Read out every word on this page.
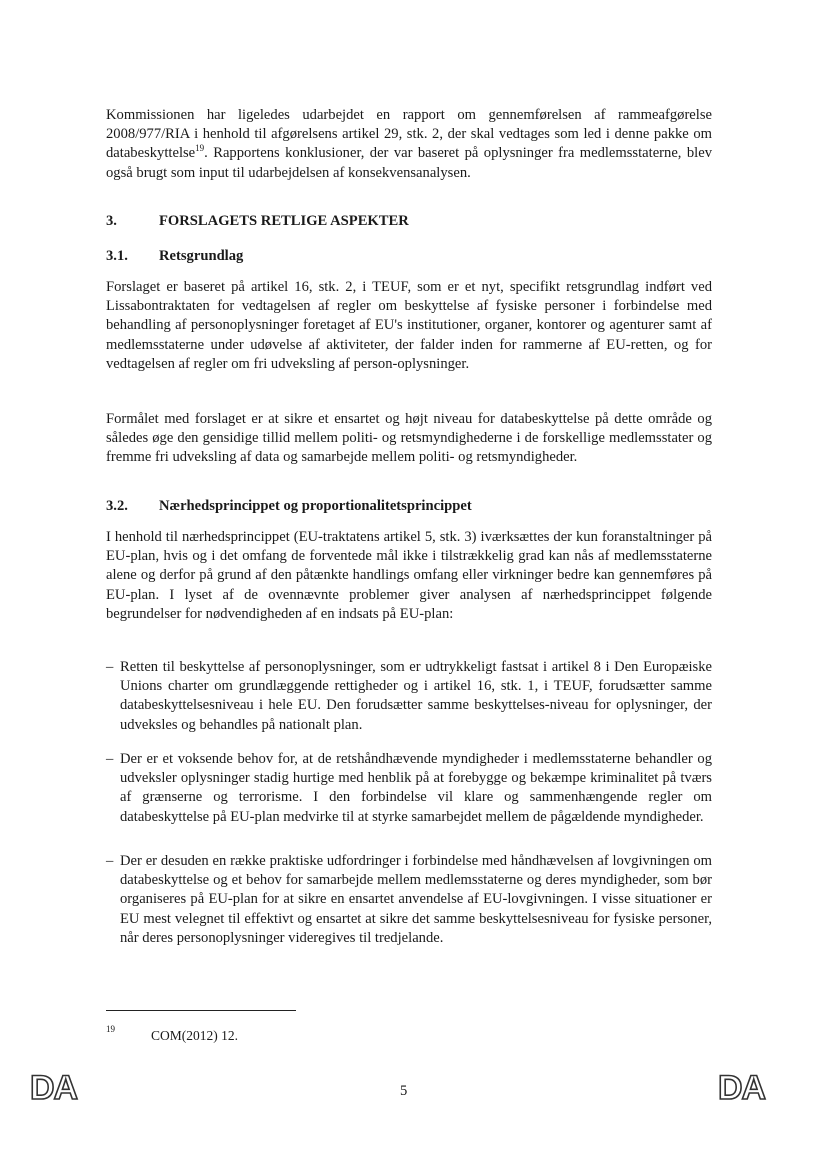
Kommissionen har ligeledes udarbejdet en rapport om gennemførelsen af rammeafgørelse 2008/977/RIA i henhold til afgørelsens artikel 29, stk. 2, der skal vedtages som led i denne pakke om databeskyttelse$^{19}$. Rapportens konklusioner, der var baseret på oplysninger fra medlemsstaterne, blev også brugt som input til udarbejdelsen af konsekvensanalysen.

3.	FORSLAGETS RETLIGE ASPEKTER
3.1. Retsgrundlag

Forslaget er baseret på artikel 16, stk. 2, i TEUF, som er et nyt, specifikt retsgrundlag indført ved Lissabontraktaten for vedtagelsen af regler om beskyttelse af fysiske personer i forbindelse med behandling af personoplysninger foretaget af EU's institutioner, organer, kontorer og agenturer samt af medlemsstaterne under udøvelse af aktiviteter, der falder inden for rammerne af EU-retten, og for vedtagelsen af regler om fri udveksling af person-oplysninger.

Formålet med forslaget er at sikre et ensartet og højt niveau for databeskyttelse på dette område og således øge den gensidige tillid mellem politi- og retsmyndighederne i de forskellige medlemsstater og fremme fri udveksling af data og samarbejde mellem politi- og retsmyndigheder.

3.2. Nærhedsprincippet og proportionalitetsprincippet

I henhold til nærhedsprincippet (EU-traktatens artikel 5, stk. 3) iværksættes der kun foranstaltninger på EU-plan, hvis og i det omfang de forventede mål ikke i tilstrækkelig grad kan nås af medlemsstaterne alene og derfor på grund af den påtænkte handlings omfang eller virkninger bedre kan gennemføres på EU-plan. I lyset af de ovennævnte problemer giver analysen af nærhedsprincippet følgende begrundelser for nødvendigheden af en indsats på EU-plan:

– Retten til beskyttelse af personoplysninger, som er udtrykkeligt fastsat i artikel 8 i Den Europæiske Unions charter om grundlæggende rettigheder og i artikel 16, stk. 1, i TEUF, forudsætter samme databeskyttelsesniveau i hele EU. Den forudsætter samme beskyttelses-niveau for oplysninger, der udveksles og behandles på nationalt plan.
– Der er et voksende behov for, at de retshåndhævende myndigheder i medlemsstaterne behandler og udveksler oplysninger stadig hurtige med henblik på at forebygge og bekæmpe kriminalitet på tværs af grænserne og terrorisme. I den forbindelse vil klare og sammenhængende regler om databeskyttelse på EU-plan medvirke til at styrke samarbejdet mellem de pågældende myndigheder.
– Der er desuden en række praktiske udfordringer i forbindelse med håndhævelsen af lovgivningen om databeskyttelse og et behov for samarbejde mellem medlemsstaterne og deres myndigheder, som bør organiseres på EU-plan for at sikre en ensartet anvendelse af EU-lovgivningen. I visse situationer er EU mest velegnet til effektivt og ensartet at sikre det samme beskyttelsesniveau for fysiske personer, når deres personoplysninger videregives til tredjelande.
19	COM(2012) 12.
DA	5	DA
